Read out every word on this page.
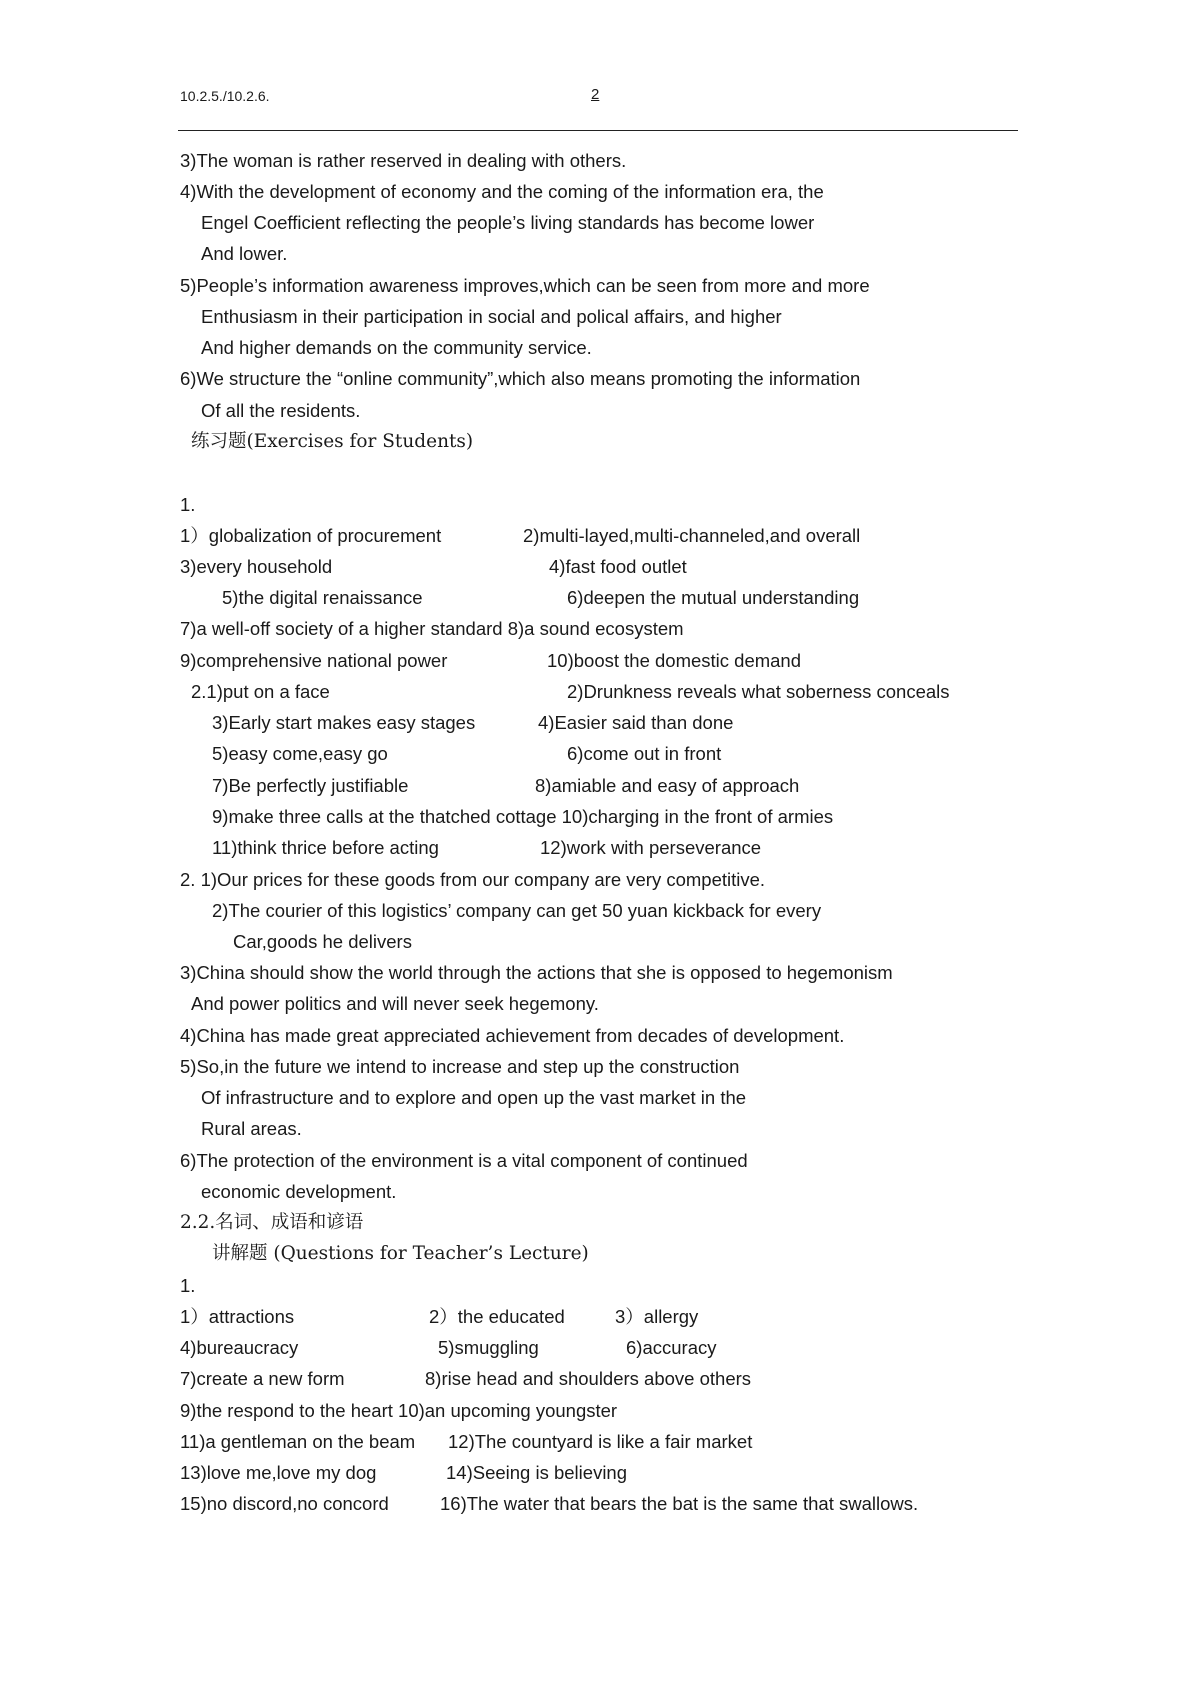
10.2.5./10.2.6.	2
3)The woman is rather reserved in dealing with others.
4)With the development of economy and the coming of the information era, the
Engel Coefficient reflecting the people’s living standards has become lower
And lower.
5)People’s information awareness improves,which can be seen from more and more
Enthusiasm in their participation in social and polical affairs, and higher
And higher demands on the community service.
6)We structure the “online community”,which also means promoting the information
Of all the residents.
练习题(Exercises for Students)
1.
1）globalization of procurement	2)multi-layed,multi-channeled,and overall
3)every household	4)fast food outlet
5)the digital renaissance	6)deepen the mutual understanding
7)a well-off society of a higher standard 8)a sound ecosystem
9)comprehensive national power	10)boost the domestic demand
2.1)put on a face	2)Drunkness reveals what soberness conceals
3)Early start makes easy stages	4)Easier said than done
5)easy come,easy go	6)come out in front
7)Be perfectly justifiable	8)amiable and easy of approach
9)make three calls at the thatched cottage 10)charging in the front of armies
11)think thrice before acting	12)work with perseverance
2. 1)Our prices for these goods from our company are very competitive.
2)The courier of this logistics’ company can get 50 yuan kickback for every
Car,goods he delivers
3)China should show the world through the actions that she is opposed to hegemonism
And power politics and will never seek hegemony.
4)China has made great appreciated achievement from decades of development.
5)So,in the future we intend to increase and step up the construction
Of infrastructure and to explore and open up the vast market in the
Rural areas.
6)The protection of the environment is a vital component of continued
economic development.
2.2.名词、成语和谚语
讲解题 (Questions for Teacher’s Lecture)
1.
1）attractions	2）the educated	3）allergy
4)bureaucracy	5)smuggling	6)accuracy
7)create a new form	8)rise head and shoulders above others
9)the respond to the heart 10)an upcoming youngster
11)a gentleman on the beam 12)The countyard is like a fair market
13)love me,love my dog	14)Seeing is believing
15)no discord,no concord	16)The water that bears the bat is the same that swallows.
